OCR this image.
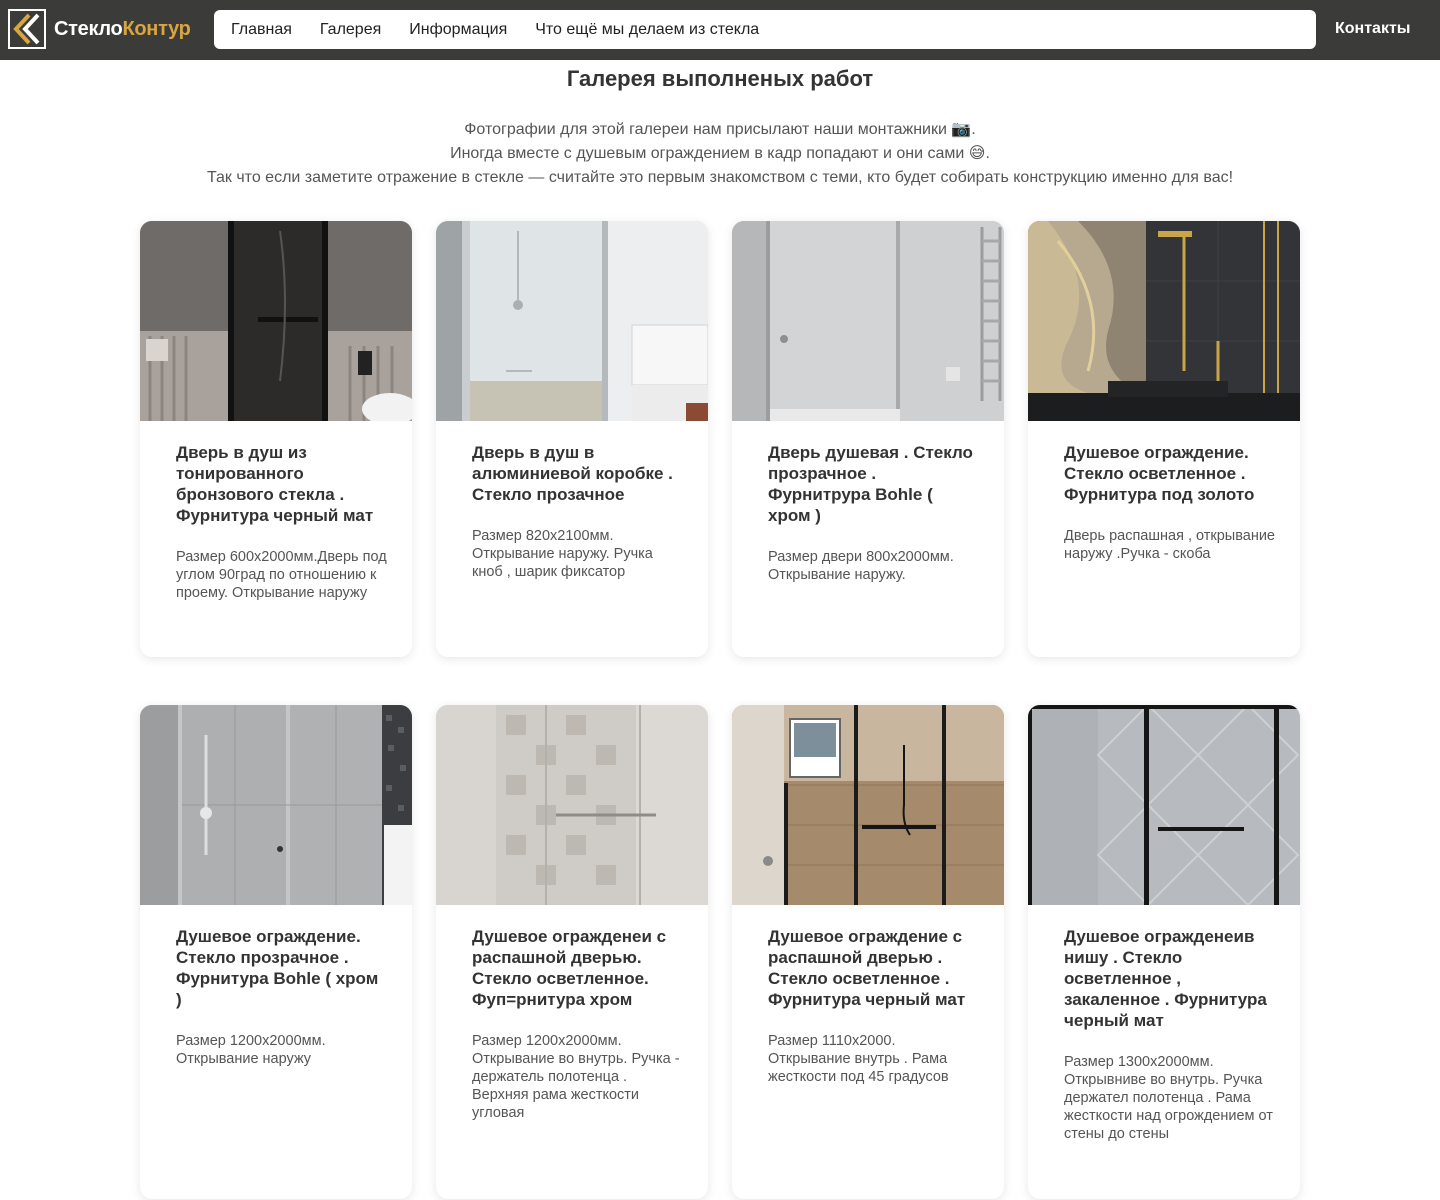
СтеклоКонтур	Главная Галерея Информация Что ещё мы делаем из стекла	Контакты
Галерея выполненых работ

Фотографии для этой галереи нам присылают наши монтажники 📷.

Иногда вместе с душевым ограждением в кадр попадают и они сами 😅.

Так что если заметите отражение в стекле — считайте это первым знакомством с теми, кто будет собирать конструкцию именно для вас!

Дверь в душ из тонированного бронзового стекла . Фурнитура черный мат

Размер 600х2000мм.Дверь под углом 90град по отношению к проему. Открывание наружу

Дверь в душ в алюминиевой коробке . Стекло прозачное

Размер 820х2100мм. Открывание наружу. Ручка кноб , шарик фиксатор

Дверь душевая . Стекло прозрачное . Фурнитрура Bohle ( хром )

Размер двери 800х2000мм. Открывание наружу.

Душевое ограждение. Стекло осветленное . Фурнитура под золото

Дверь распашная , открывание наружу .Ручка - скоба

Душевое ограждение. Стекло прозрачное . Фурнитура Bohle ( хром )

Размер 1200х2000мм. Открывание наружу

Душевое огражденеи с распашной дверью. Стекло осветленное. Фуп=рнитура хром

Размер 1200х2000мм. Открывание во внутрь. Ручка - держатель полотенца . Верхняя рама жесткости угловая

Душевое ограждение с распашной дверью . Стекло осветленное . Фурнитура черный мат

Размер 1110х2000. Открывание внутрь . Рама жесткости под 45 градусов

Душевое огражденеив нишу . Стекло осветленное , закаленное . Фурнитура черный мат

Размер 1300х2000мм. Открывниве во внутрь. Ручка держател полотенца . Рама жесткости над огрождением от стены до стены
